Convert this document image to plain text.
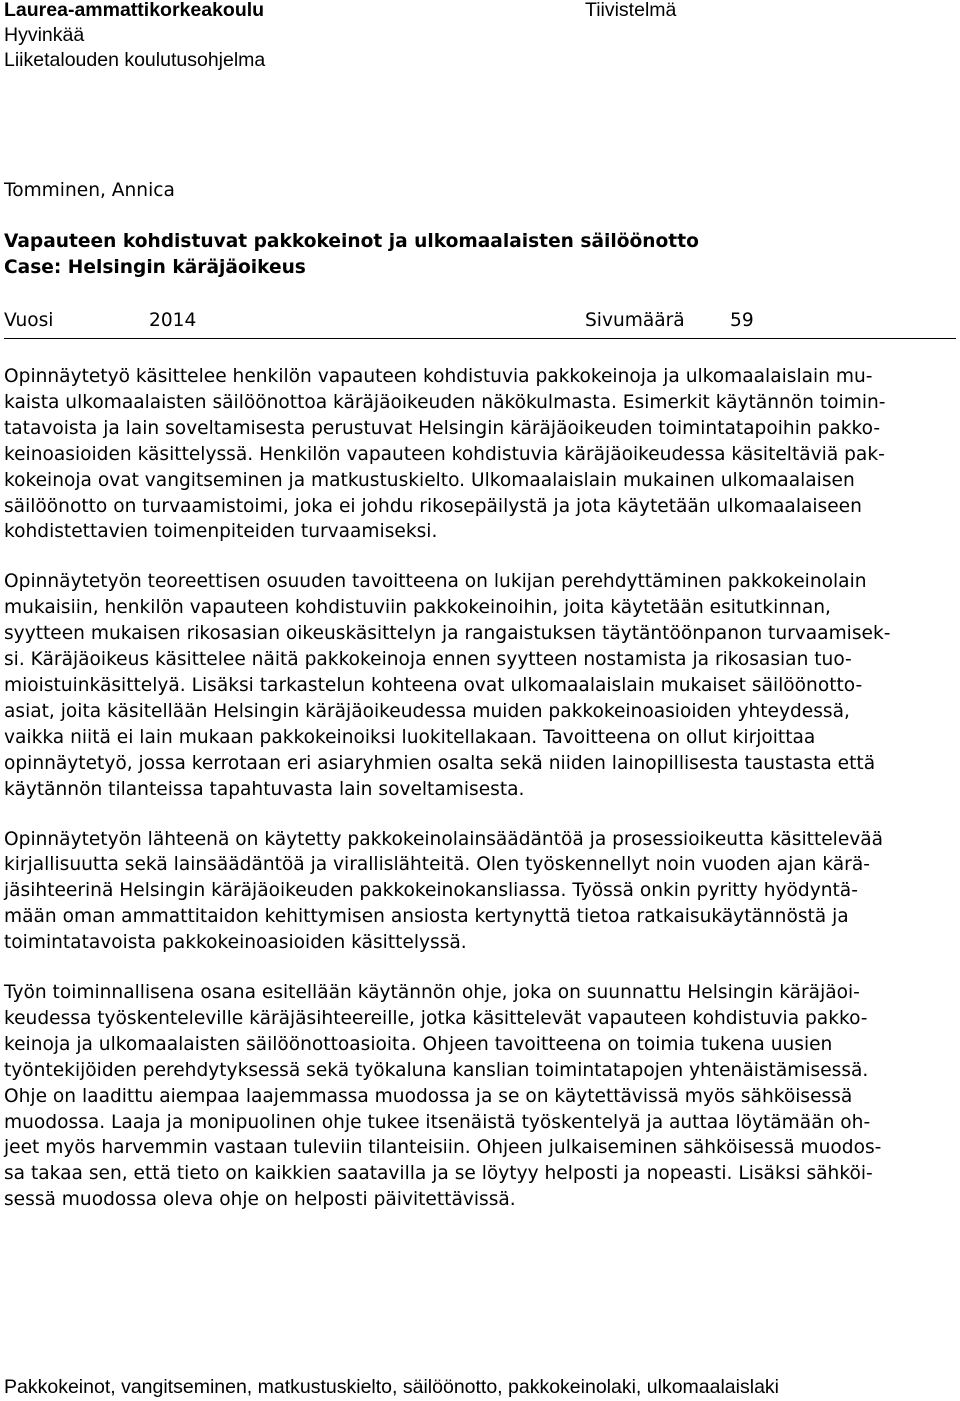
Laurea-ammattikorkeakoulu
Hyvinkää
Liiketalouden koulutusohjelma
Tiivistelmä
Tomminen, Annica
Vapauteen kohdistuvat pakkokeinot ja ulkomaalaisten säilöönotto
Case: Helsingin käräjäoikeus
Vuosi	2014	Sivumäärä 59
Opinnäytetyö käsittelee henkilön vapauteen kohdistuvia pakkokeinoja ja ulkomaalaislain mu-
kaista ulkomaalaisten säilöönottoa käräjäoikeuden näkökulmasta. Esimerkit käytännön toimin-
tatavoista ja lain soveltamisesta perustuvat Helsingin käräjäoikeuden toimintatapoihin pakko-
keinoasioiden käsittelyssä. Henkilön vapauteen kohdistuvia käräjäoikeudessa käsiteltäviä pak-
kokeinoja ovat vangitseminen ja matkustuskielto. Ulkomaalaislain mukainen ulkomaalaisen
säilöönotto on turvaamistoimi, joka ei johdu rikosepäilystä ja jota käytetään ulkomaalaiseen
kohdistettavien toimenpiteiden turvaamiseksi.
Opinnäytetyön teoreettisen osuuden tavoitteena on lukijan perehdyttäminen pakkokeinolain
mukaisiin, henkilön vapauteen kohdistuviin pakkokeinoihin, joita käytetään esitutkinnan,
syytteen mukaisen rikosasian oikeuskäsittelyn ja rangaistuksen täytäntöönpanon turvaamisek-
si. Käräjäoikeus käsittelee näitä pakkokeinoja ennen syytteen nostamista ja rikosasian tuo-
mioistuinkäsittelyä. Lisäksi tarkastelun kohteena ovat ulkomaalaislain mukaiset säilöönotto-
asiat, joita käsitellään Helsingin käräjäoikeudessa muiden pakkokeinoasioiden yhteydessä,
vaikka niitä ei lain mukaan pakkokeinoiksi luokitellakaan. Tavoitteena on ollut kirjoittaa
opinnäytetyö, jossa kerrotaan eri asiaryhmien osalta sekä niiden lainopillisesta taustasta että
käytännön tilanteissa tapahtuvasta lain soveltamisesta.
Opinnäytetyön lähteenä on käytetty pakkokeinolainsäädäntöä ja prosessioikeutta käsittelevää
kirjallisuutta sekä lainsäädäntöä ja virallislähteitä. Olen työskennellyt noin vuoden ajan kärä-
jäsihteerinä Helsingin käräjäoikeuden pakkokeinokansliassa. Työssä onkin pyritty hyödyntä-
mään oman ammattitaidon kehittymisen ansiosta kertynyttä tietoa ratkaisukäytännöstä ja
toimintatavoista pakkokeinoasioiden käsittelyssä.
Työn toiminnallisena osana esitellään käytännön ohje, joka on suunnattu Helsingin käräjäoi-
keudessa työskenteleville käräjäsihteereille, jotka käsittelevät vapauteen kohdistuvia pakko-
keinoja ja ulkomaalaisten säilöönottoasioita. Ohjeen tavoitteena on toimia tukena uusien
työntekijöiden perehdytyksessä sekä työkaluna kanslian toimintatapojen yhtenäistämisessä.
Ohje on laadittu aiempaa laajemmassa muodossa ja se on käytettävissä myös sähköisessä
muodossa. Laaja ja monipuolinen ohje tukee itsenäistä työskentelyä ja auttaa löytämään oh-
jeet myös harvemmin vastaan tuleviin tilanteisiin. Ohjeen julkaiseminen sähköisessä muodos-
sa takaa sen, että tieto on kaikkien saatavilla ja se löytyy helposti ja nopeasti. Lisäksi sähköi-
sessä muodossa oleva ohje on helposti päivitettävissä.
Pakkokeinot, vangitseminen, matkustuskielto, säilöönotto, pakkokeinolaki, ulkomaalaislaki
